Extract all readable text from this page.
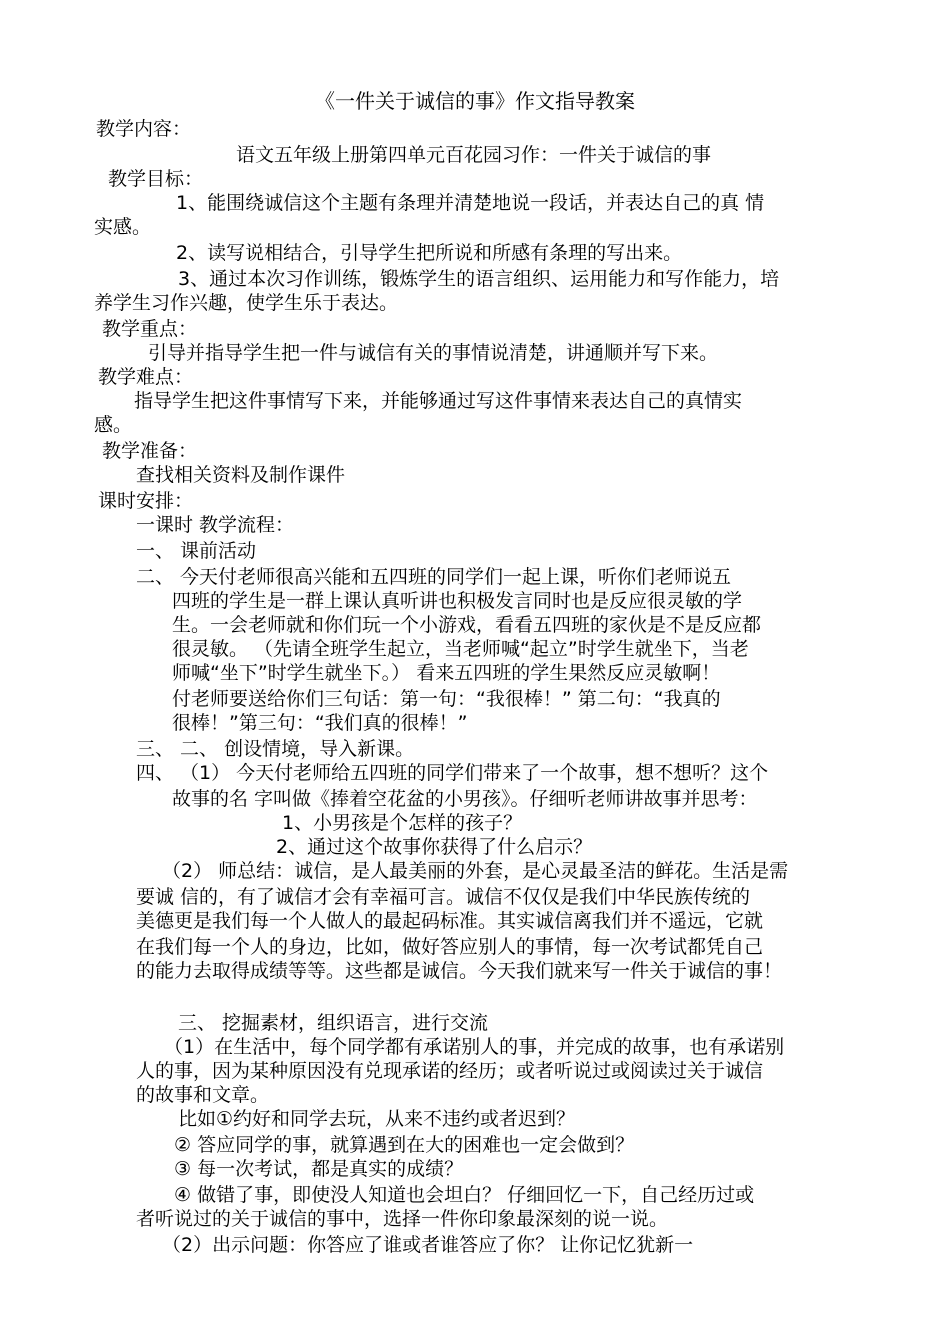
《一件关于诚信的事》作文指导教案
教学内容：
语文五年级上册第四单元百花园习作：一件关于诚信的事
教学目标：
1、能围绕诚信这个主题有条理并清楚地说一段话，并表达自己的真 情
实感。
2、读写说相结合，引导学生把所说和所感有条理的写出来。
3、通过本次习作训练，锻炼学生的语言组织、运用能力和写作能力，培
养学生习作兴趣，使学生乐于表达。
教学重点：
引导并指导学生把一件与诚信有关的事情说清楚，讲通顺并写下来。
教学难点：
指导学生把这件事情写下来，并能够通过写这件事情来表达自己的真情实
感。
教学准备：
查找相关资料及制作课件
课时安排：
一课时 教学流程：
一、 课前活动
二、 今天付老师很高兴能和五四班的同学们一起上课，听你们老师说五
四班的学生是一群上课认真听讲也积极发言同时也是反应很灵敏的学
生。一会老师就和你们玩一个小游戏，看看五四班的家伙是不是反应都
很灵敏。 （先请全班学生起立，当老师喊“起立”时学生就坐下，当老
师喊“坐下”时学生就坐下。） 看来五四班的学生果然反应灵敏啊！
付老师要送给你们三句话：第一句：“我很棒！” 第二句：“我真的
很棒！”第三句：“我们真的很棒！”
三、 二、 创设情境，导入新课。
四、 （1） 今天付老师给五四班的同学们带来了一个故事，想不想听？这个
故事的名 字叫做《捧着空花盆的小男孩》。仔细听老师讲故事并思考：
1、小男孩是个怎样的孩子？
2、通过这个故事你获得了什么启示？
（2） 师总结：诚信，是人最美丽的外套，是心灵最圣洁的鲜花。生活是需
要诚 信的，有了诚信才会有幸福可言。诚信不仅仅是我们中华民族传统的
美德更是我们每一个人做人的最起码标准。其实诚信离我们并不遥远，它就
在我们每一个人的身边，比如，做好答应别人的事情，每一次考试都凭自己
的能力去取得成绩等等。这些都是诚信。今天我们就来写一件关于诚信的事！
三、 挖掘素材，组织语言，进行交流
（1）在生活中，每个同学都有承诺别人的事，并完成的故事，也有承诺别
人的事，因为某种原因没有兑现承诺的经历；或者听说过或阅读过关于诚信
的故事和文章。
比如①约好和同学去玩，从来不违约或者迟到？
② 答应同学的事，就算遇到在大的困难也一定会做到？
③ 每一次考试，都是真实的成绩？
④ 做错了事，即使没人知道也会坦白？ 仔细回忆一下，自己经历过或
者听说过的关于诚信的事中，选择一件你印象最深刻的说一说。
（2）出示问题：你答应了谁或者谁答应了你？ 让你记忆犹新一
